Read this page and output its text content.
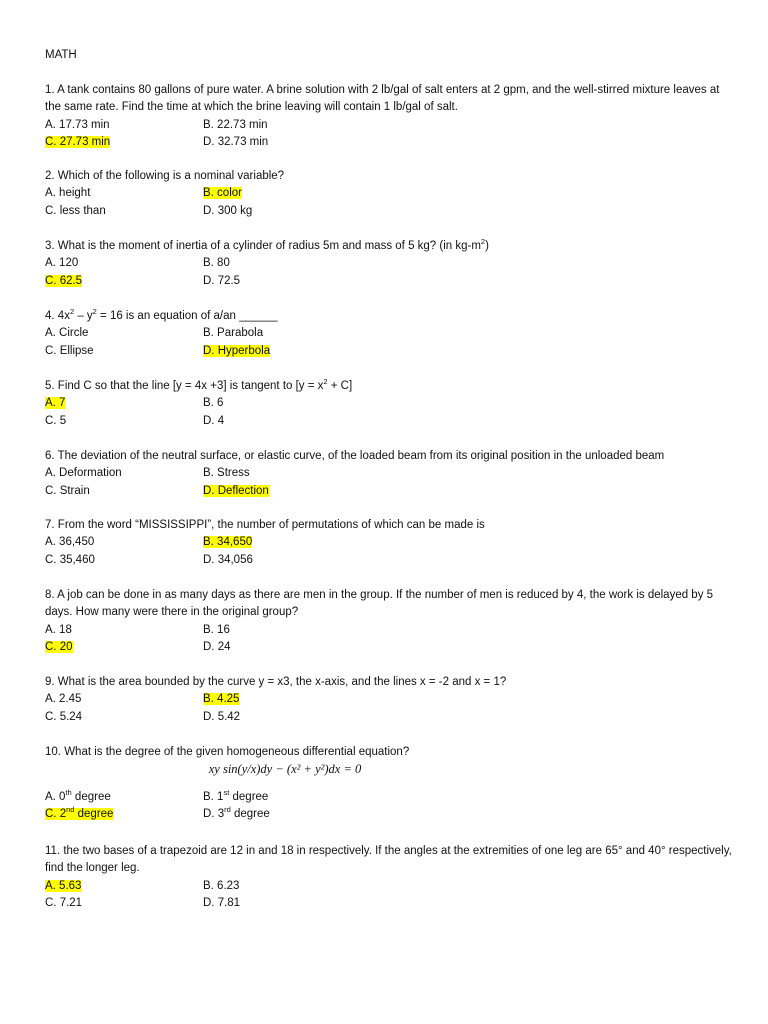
MATH
1. A tank contains 80 gallons of pure water. A brine solution with 2 lb/gal of salt enters at 2 gpm, and the well-stirred mixture leaves at the same rate. Find the time at which the brine leaving will contain 1 lb/gal of salt.
A. 17.73 min	B. 22.73 min
C. 27.73 min	D. 32.73 min
2. Which of the following is a nominal variable?
A. height	B. color
C. less than	D. 300 kg
3. What is the moment of inertia of a cylinder of radius 5m and mass of 5 kg? (in $kg-m^2$)
A. 120	B. 80
C. 62.5	D. 72.5
4. $4x^2 - y^2 = 16$ is an equation of a/an ______
A. Circle	B. Parabola
C. Ellipse	D. Hyperbola
5. Find C so that the line [y = 4x +3] is tangent to $[y = x^2 + C]$
A. 7	B. 6
C. 5	D. 4
6. The deviation of the neutral surface, or elastic curve, of the loaded beam from its original position in the unloaded beam
A. Deformation	B. Stress
C. Strain	D. Deflection
7. From the word “MISSISSIPPI”, the number of permutations of which can be made is
A. 36,450	B. 34,650
C. 35,460	D. 34,056
8. A job can be done in as many days as there are men in the group. If the number of men is reduced by 4, the work is delayed by 5 days. How many were there in the original group?
A. 18	B. 16
C. 20	D. 24
9. What is the area bounded by the curve y = x3, the x-axis, and the lines x = -2 and x = 1?
A. 2.45	B. 4.25
C. 5.24	D. 5.42
10. What is the degree of the given homogeneous differential equation?
xy sin(y/x)dy − (x² + y²)dx = 0
A. 0th degree	B. 1st degree
C. 2nd degree	D. 3rd degree
11. the two bases of a trapezoid are 12 in and 18 in respectively. If the angles at the extremities of one leg are 65° and 40° respectively, find the longer leg.
A. 5.63	B. 6.23
C. 7.21	D. 7.81
